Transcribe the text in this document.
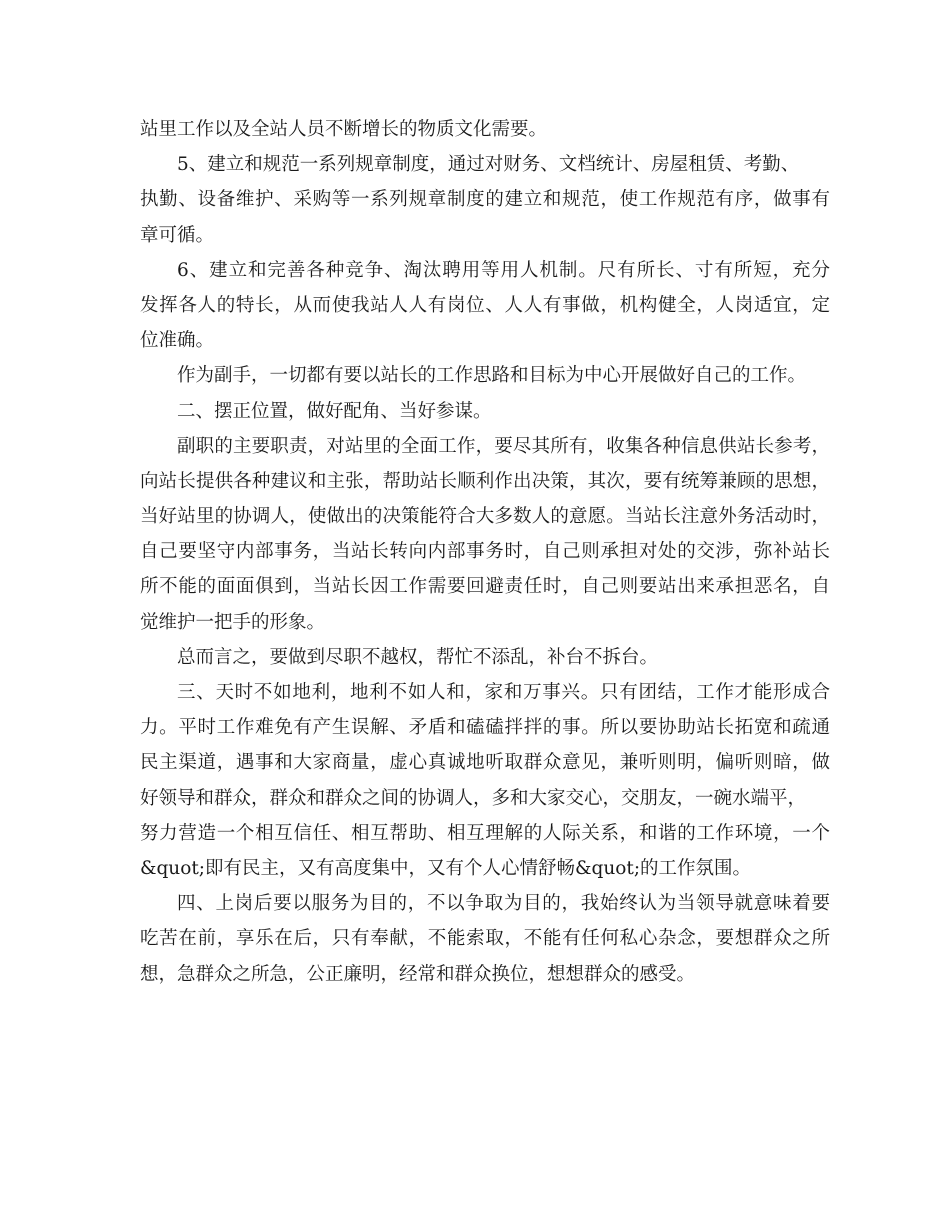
站里工作以及全站人员不断增长的物质文化需要。
5、建立和规范一系列规章制度，通过对财务、文档统计、房屋租赁、考勤、
执勤、设备维护、采购等一系列规章制度的建立和规范，使工作规范有序，做事有
章可循。
6、建立和完善各种竞争、淘汰聘用等用人机制。尺有所长、寸有所短，充分
发挥各人的特长，从而使我站人人有岗位、人人有事做，机构健全，人岗适宜，定
位准确。
作为副手，一切都有要以站长的工作思路和目标为中心开展做好自己的工作。
二、摆正位置，做好配角、当好参谋。
副职的主要职责，对站里的全面工作，要尽其所有，收集各种信息供站长参考，
向站长提供各种建议和主张，帮助站长顺利作出决策，其次，要有统筹兼顾的思想，
当好站里的协调人，使做出的决策能符合大多数人的意愿。当站长注意外务活动时，
自己要坚守内部事务，当站长转向内部事务时，自己则承担对处的交涉，弥补站长
所不能的面面俱到，当站长因工作需要回避责任时，自己则要站出来承担恶名，自
觉维护一把手的形象。
总而言之，要做到尽职不越权，帮忙不添乱，补台不拆台。
三、天时不如地利，地利不如人和，家和万事兴。只有团结，工作才能形成合
力。平时工作难免有产生误解、矛盾和磕磕拌拌的事。所以要协助站长拓宽和疏通
民主渠道，遇事和大家商量，虚心真诚地听取群众意见，兼听则明，偏听则暗，做
好领导和群众，群众和群众之间的协调人，多和大家交心，交朋友，一碗水端平，
努力营造一个相互信任、相互帮助、相互理解的人际关系，和谐的工作环境，一个
&quot;即有民主，又有高度集中，又有个人心情舒畅&quot;的工作氛围。
四、上岗后要以服务为目的，不以争取为目的，我始终认为当领导就意味着要
吃苦在前，享乐在后，只有奉献，不能索取，不能有任何私心杂念，要想群众之所
想，急群众之所急，公正廉明，经常和群众换位，想想群众的感受。
